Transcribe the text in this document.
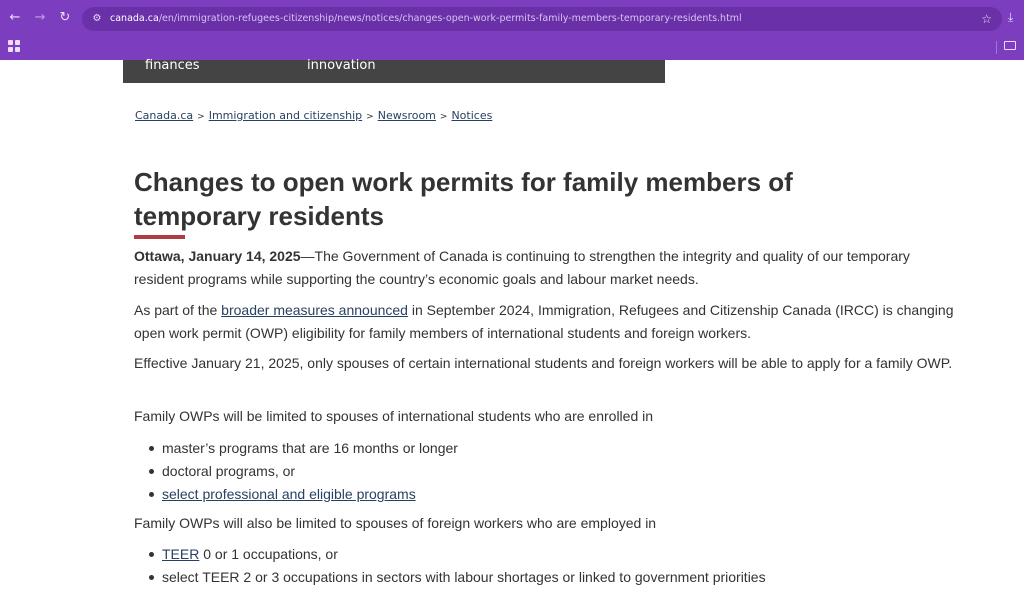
← → ↻ ⚙ canada.ca/en/immigration-refugees-citizenship/news/notices/changes-open-work-permits-family-members-temporary-residents.html	☆ ⤓
finances	innovation
Canada.ca > Immigration and citizenship > Newsroom > Notices
Changes to open work permits for family members of
temporary residents

Ottawa, January 14, 2025—The Government of Canada is continuing to strengthen the integrity and quality of our temporary resident programs while supporting the country’s economic goals and labour market needs.

As part of the broader measures announced in September 2024, Immigration, Refugees and Citizenship Canada (IRCC) is changing open work permit (OWP) eligibility for family members of international students and foreign workers.

Effective January 21, 2025, only spouses of certain international students and foreign workers will be able to apply for a family OWP.

Family OWPs will be limited to spouses of international students who are enrolled in

master’s programs that are 16 months or longer
doctoral programs, or
select professional and eligible programs

Family OWPs will also be limited to spouses of foreign workers who are employed in

TEER 0 or 1 occupations, or
select TEER 2 or 3 occupations in sectors with labour shortages or linked to government priorities
